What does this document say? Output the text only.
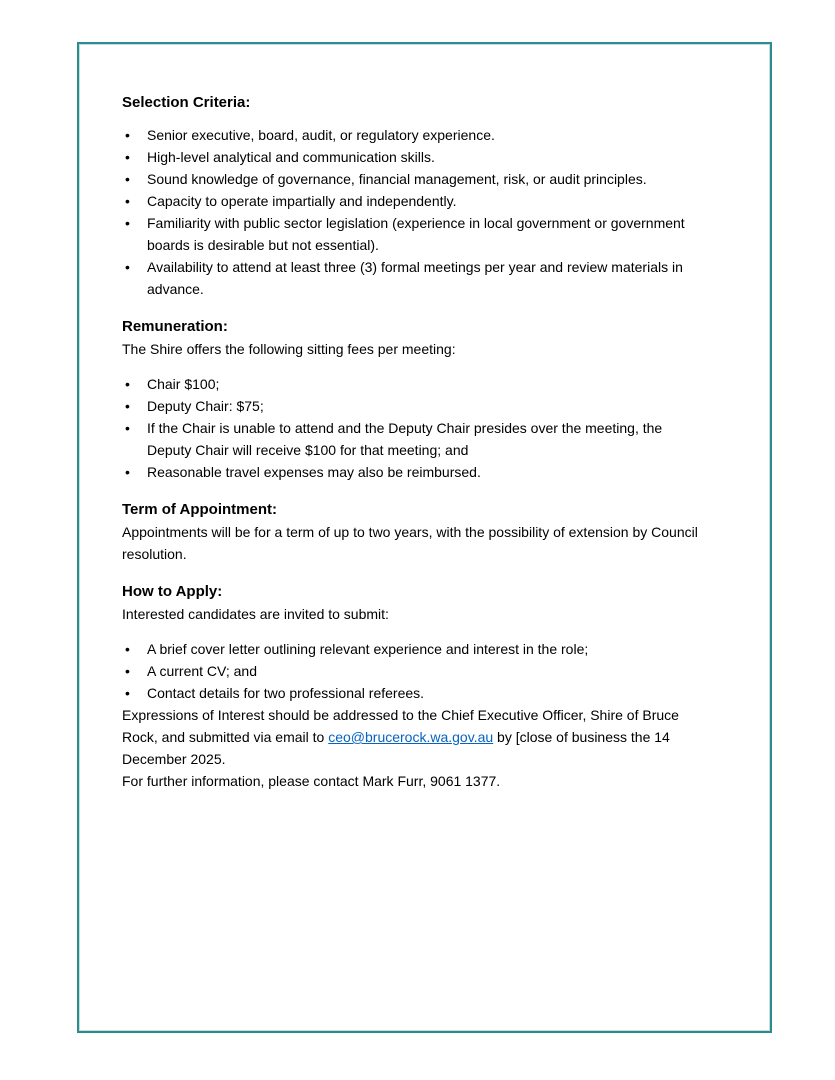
Selection Criteria:
• Senior executive, board, audit, or regulatory experience.
• High-level analytical and communication skills.
• Sound knowledge of governance, financial management, risk, or audit principles.
• Capacity to operate impartially and independently.
• Familiarity with public sector legislation (experience in local government or government boards is desirable but not essential).
• Availability to attend at least three (3) formal meetings per year and review materials in advance.
Remuneration:

The Shire offers the following sitting fees per meeting:

• Chair $100;
• Deputy Chair: $75;
• If the Chair is unable to attend and the Deputy Chair presides over the meeting, the Deputy Chair will receive $100 for that meeting; and
• Reasonable travel expenses may also be reimbursed.
Term of Appointment:

Appointments will be for a term of up to two years, with the possibility of extension by Council resolution.

How to Apply:

Interested candidates are invited to submit:

• A brief cover letter outlining relevant experience and interest in the role;
• A current CV; and
• Contact details for two professional referees.

Expressions of Interest should be addressed to the Chief Executive Officer, Shire of Bruce Rock, and submitted via email to ceo@brucerock.wa.gov.au by [close of business the 14 December 2025.

For further information, please contact Mark Furr, 9061 1377.
